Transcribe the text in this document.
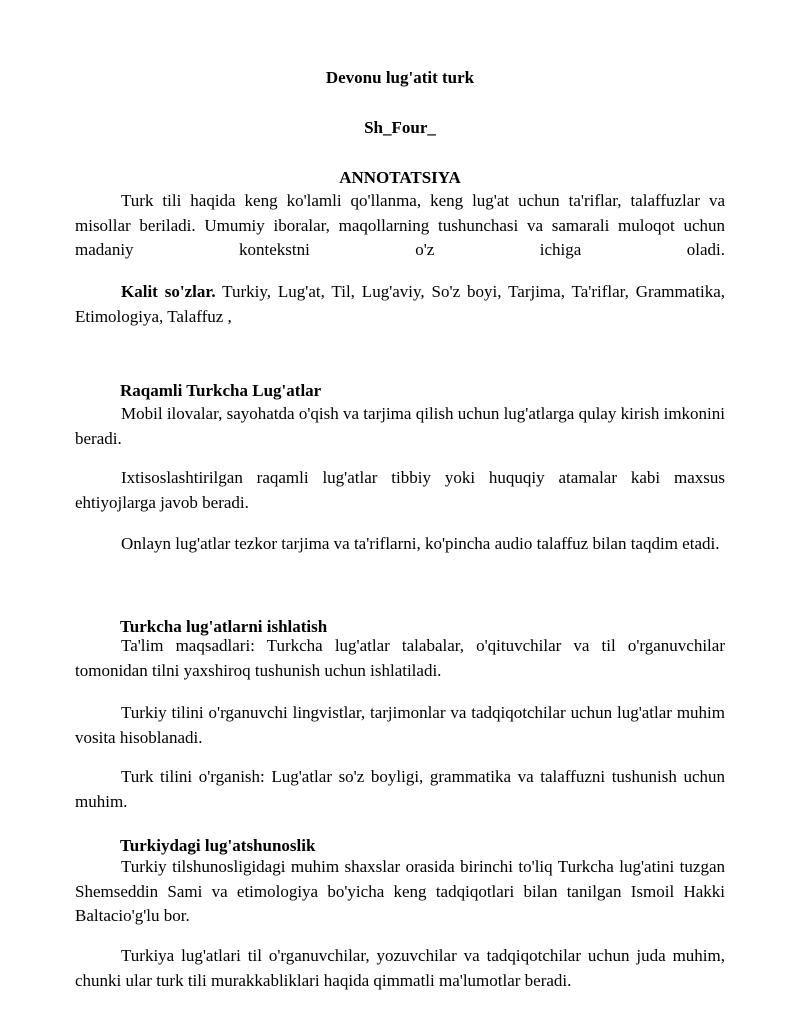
Devonu lug'atit turk

Sh_Four_

ANNOTATSIYA

Turk tili haqida keng ko'lamli qo'llanma, keng lug'at uchun ta'riflar, talaffuzlar va misollar beriladi. Umumiy iboralar, maqollarning tushunchasi va samarali muloqot uchun madaniy kontekstni o'z ichiga oladi.

Kalit so'zlar. Turkiy, Lug'at, Til, Lug'aviy, So'z boyi, Tarjima, Ta'riflar, Grammatika, Etimologiya, Talaffuz ,

Raqamli Turkcha Lug'atlar

Mobil ilovalar, sayohatda o'qish va tarjima qilish uchun lug'atlarga qulay kirish imkonini beradi.

Ixtisoslashtirilgan raqamli lug'atlar tibbiy yoki huquqiy atamalar kabi maxsus ehtiyojlarga javob beradi.

Onlayn lug'atlar tezkor tarjima va ta'riflarni, ko'pincha audio talaffuz bilan taqdim etadi.

Turkcha lug'atlarni ishlatish

Ta'lim maqsadlari: Turkcha lug'atlar talabalar, o'qituvchilar va til o'rganuvchilar tomonidan tilni yaxshiroq tushunish uchun ishlatiladi.

Turkiy tilini o'rganuvchi lingvistlar, tarjimonlar va tadqiqotchilar uchun lug'atlar muhim vosita hisoblanadi.

Turk tilini o'rganish: Lug'atlar so'z boyligi, grammatika va talaffuzni tushunish uchun muhim.

Turkiydagi lug'atshunoslik

Turkiy tilshunosligidagi muhim shaxslar orasida birinchi to'liq Turkcha lug'atini tuzgan Shemseddin Sami va etimologiya bo'yicha keng tadqiqotlari bilan tanilgan Ismoil Hakki Baltacio'g'lu bor.

Turkiya lug'atlari til o'rganuvchilar, yozuvchilar va tadqiqotchilar uchun juda muhim, chunki ular turk tili murakkabliklari haqida qimmatli ma'lumotlar beradi.
